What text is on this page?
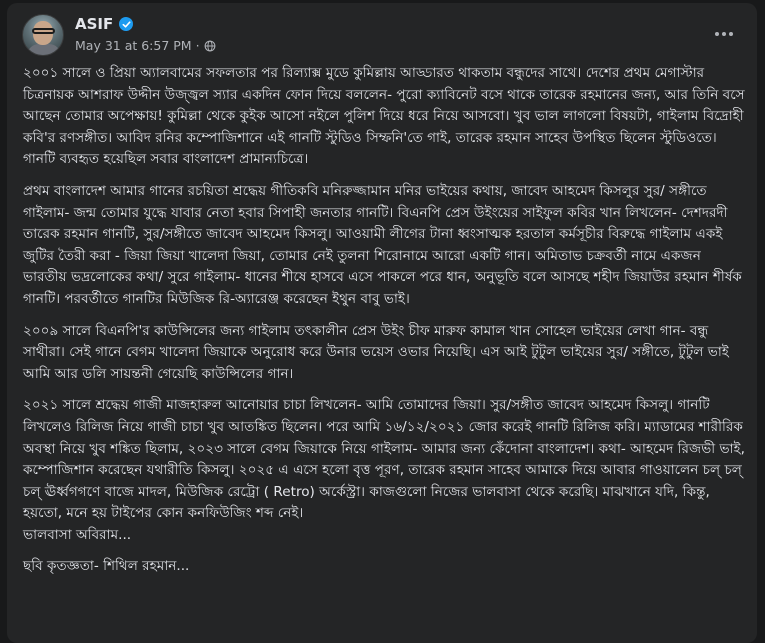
ASIF
May 31 at 6:57 PM ·

২০০১ সালে ও প্রিয়া অ্যালবামের সফলতার পর রিল্যাক্স মুডে কুমিল্লায় আড্ডারত থাকতাম বন্ধুদের সাথে। দেশের প্রথম মেগাস্টার চিত্রনায়ক আশরাফ উদ্দীন উজ্জ্বল স্যার একদিন ফোন দিয়ে বললেন- পুরো ক্যাবিনেট বসে থাকে তারেক রহমানের জন্য, আর তিনি বসে আছেন তোমার অপেক্ষায়! কুমিল্লা থেকে কুইক আসো নইলে পুলিশ দিয়ে ধরে নিয়ে আসবো। খুব ভাল লাগলো বিষয়টা, গাইলাম বিদ্রোহী কবি'র রণসঙ্গীত। আবিদ রনির কম্পোজিশানে এই গানটি স্টুডিও সিম্ফনি'তে গাই, তারেক রহমান সাহেব উপস্থিত ছিলেন স্টুডিওতে। গানটি ব্যবহৃত হয়েছিল সবার বাংলাদেশ প্রামান্যচিত্রে।

প্রথম বাংলাদেশ আমার গানের রচয়িতা শ্রদ্ধেয় গীতিকবি মনিরুজ্জামান মনির ভাইয়ের কথায়, জাবেদ আহমেদ কিসলুর সুর/ সঙ্গীতে গাইলাম- জন্ম তোমার যুদ্ধে যাবার নেতা হবার সিপাহী জনতার গানটি। বিএনপি প্রেস উইংয়ের সাইফুল কবির খান লিখলেন- দেশদরদী তারেক রহমান গানটি, সুর/সঙ্গীতে জাবেদ আহমেদ কিসলু। আওয়ামী লীগের টানা ধ্বংসাত্মক হরতাল কর্মসূচীর বিরুদ্ধে গাইলাম একই জুটির তৈরী করা - জিয়া জিয়া খালেদা জিয়া, তোমার নেই তুলনা শিরোনামে আরো একটি গান। অমিতাভ চক্রবর্তী নামে একজন ভারতীয় ভদ্রলোকের কথা/ সুরে গাইলাম- ধানের শীষে হাসবে এসে পাকলে পরে ধান, অনুভূতি বলে আসছে শহীদ জিয়াউর রহমান শীর্ষক গানটি। পরবর্তীতে গানটির মিউজিক রি-অ্যারেঞ্জ করেছেন ইথুন বাবু ভাই।

২০০৯ সালে বিএনপি'র কাউন্সিলের জন্য গাইলাম তৎকালীন প্রেস উইং চীফ মারুফ কামাল খান সোহেল ভাইয়ের লেখা গান- বন্ধু সাথীরা। সেই গানে বেগম খালেদা জিয়াকে অনুরোধ করে উনার ভয়েস ওভার নিয়েছি। এস আই টুটুল ভাইয়ের সুর/ সঙ্গীতে, টুটুল ভাই আমি আর ডলি সায়ন্তনী গেয়েছি কাউন্সিলের গান।

২০২১ সালে শ্রদ্ধেয় গাজী মাজহারুল আনোয়ার চাচা লিখলেন- আমি তোমাদের জিয়া। সুর/সঙ্গীত জাবেদ আহমেদ কিসলু। গানটি লিখলেও রিলিজ নিয়ে গাজী চাচা খুব আতঙ্কিত ছিলেন। পরে আমি ১৬/১২/২০২১ জোর করেই গানটি রিলিজ করি। ম্যাডামের শারীরিক অবস্থা নিয়ে খুব শঙ্কিত ছিলাম, ২০২৩ সালে বেগম জিয়াকে নিয়ে গাইলাম- আমার জন্য কেঁদোনা বাংলাদেশ। কথা- আহমেদ রিজভী ভাই, কম্পোজিশান করেছেন যথারীতি কিসলু। ২০২৫ এ এসে হলো বৃত্ত পূরণ, তারেক রহমান সাহেব আমাকে দিয়ে আবার গাওয়ালেন চল্ চল্ চল্ ঊর্ধ্বগগণে বাজে মাদল, মিউজিক রেট্রো ( Retro) অর্কেস্ট্রা। কাজগুলো নিজের ভালবাসা থেকে করেছি। মাঝখানে যদি, কিন্তু, হয়তো, মনে হয় টাইপের কোন কনফিউজিং শব্দ নেই।
ভালবাসা অবিরাম...

ছবি কৃতজ্ঞতা- শিথিল রহমান...
